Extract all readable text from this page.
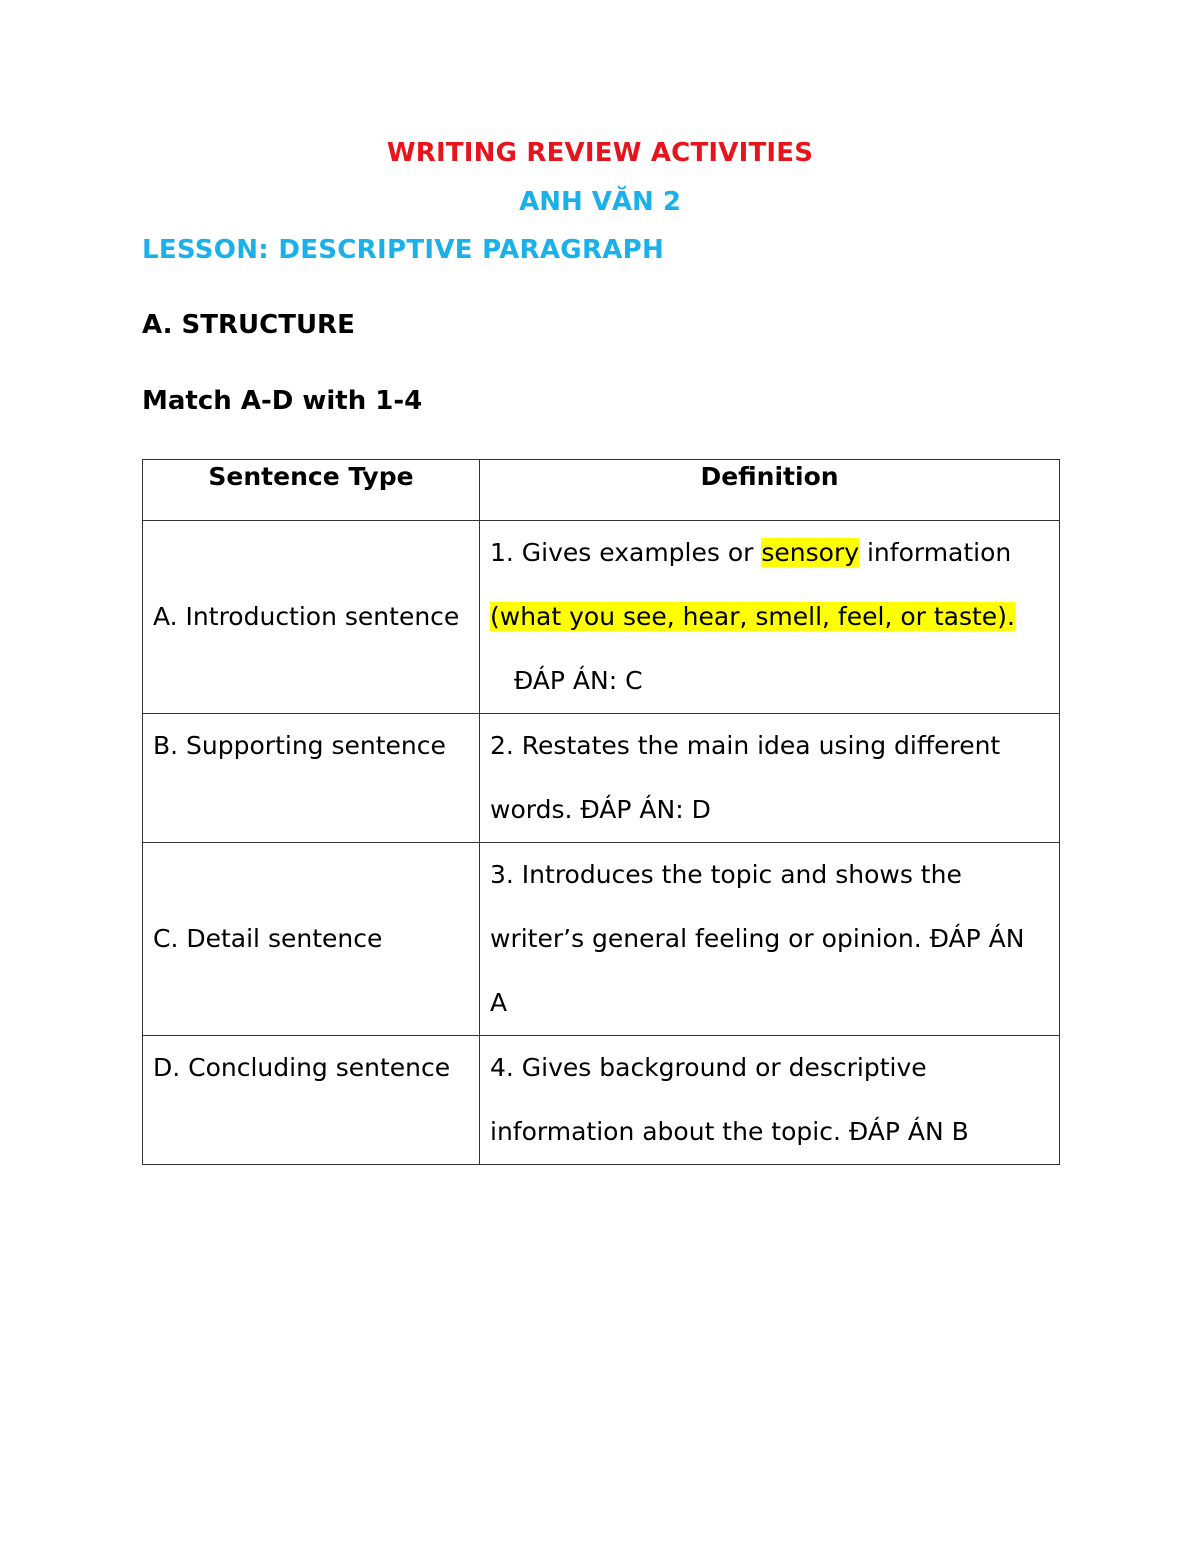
WRITING REVIEW ACTIVITIES
ANH VĂN 2
LESSON: DESCRIPTIVE PARAGRAPH
A. STRUCTURE
Match A-D with 1-4
Sentence Type	Definition
A. Introduction sentence	1. Gives examples or sensory information (what you see, hear, smell, feel, or taste).   ĐÁP ÁN: C
B. Supporting sentence	2. Restates the main idea using different words. ĐÁP ÁN: D
C. Detail sentence	3. Introduces the topic and shows the writer’s general feeling or opinion. ĐÁP ÁN A
D. Concluding sentence	4. Gives background or descriptive information about the topic. ĐÁP ÁN B
